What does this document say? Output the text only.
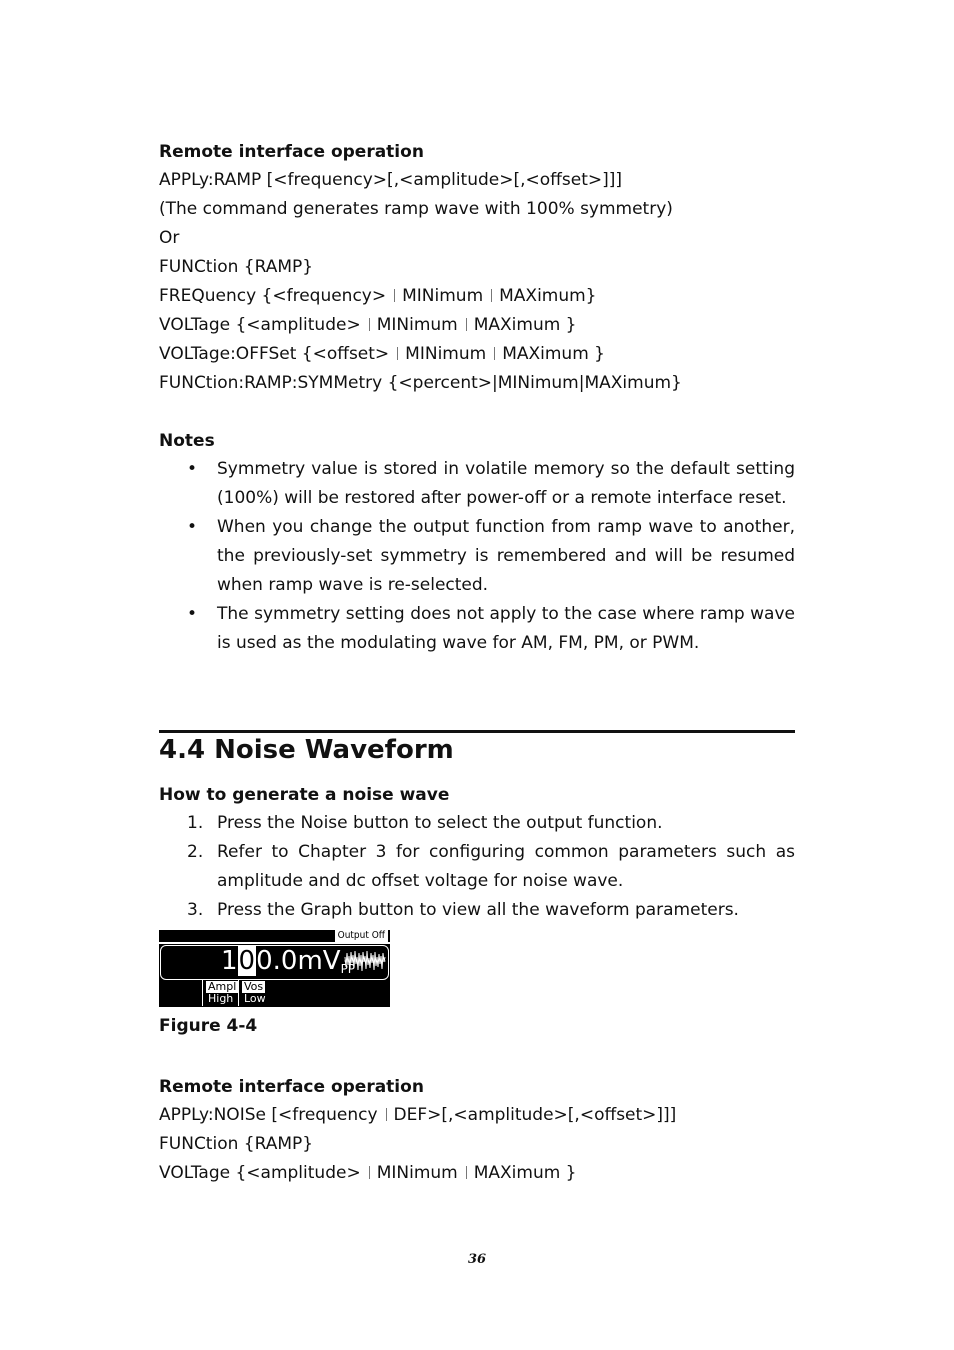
Remote interface operation
APPLy:RAMP [<frequency>[,<amplitude>[,<offset>]]]
(The command generates ramp wave with 100% symmetry)
Or
FUNCtion {RAMP}
FREQuency {<frequency> MINimum MAXimum}
VOLTage {<amplitude> MINimum MAXimum }
VOLTage:OFFSet {<offset> MINimum MAXimum }
FUNCtion:RAMP:SYMMetry {<percent>|MINimum|MAXimum}
Notes
• Symmetry value is stored in volatile memory so the default setting (100%) will be restored after power-off or a remote interface reset.
• When you change the output function from ramp wave to another, the previously-set symmetry is remembered and will be resumed when ramp wave is re-selected.
• The symmetry setting does not apply to the case where ramp wave is used as the modulating wave for AM, FM, PM, or PWM.
4.4 Noise Waveform
How to generate a noise wave
1. Press the Noise button to select the output function.
2. Refer to Chapter 3 for configuring common parameters such as amplitude and dc offset voltage for noise wave.
3. Press the Graph button to view all the waveform parameters.
Output Off
100.0mVPP
Ampl
High
Vos
Low
Figure 4-4
Remote interface operation
APPLy:NOISe [<frequency DEF>[,<amplitude>[,<offset>]]]
FUNCtion {RAMP}
VOLTage {<amplitude> MINimum MAXimum }
36
